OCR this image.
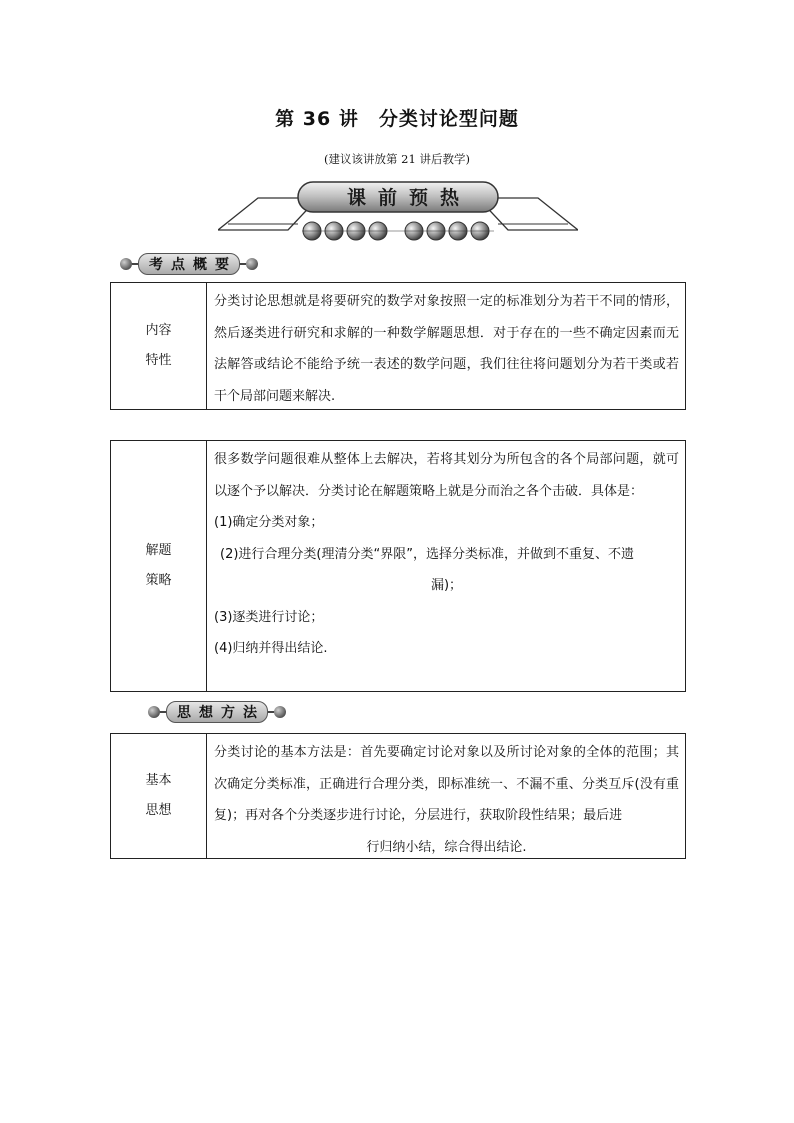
第 36 讲　分类讨论型问题
(建议该讲放第 21 讲后教学)
课前预热
考点概要
内容
特性

分类讨论思想就是将要研究的数学对象按照一定的标准划分为若干不同的情形，然后逐类进行研究和求解的一种数学解题思想．对于存在的一些不确定因素而无法解答或结论不能给予统一表述的数学问题，我们往往将问题划分为若干类或若干个局部问题来解决.

解题
策略

很多数学问题很难从整体上去解决，若将其划分为所包含的各个局部问题，就可以逐个予以解决．分类讨论在解题策略上就是分而治之各个击破．具体是：

(1)确定分类对象；

(2)进行合理分类(理清分类“界限”，选择分类标准，并做到不重复、不遗

漏)；

(3)逐类进行讨论；

(4)归纳并得出结论.

思想方法
基本
思想

分类讨论的基本方法是：首先要确定讨论对象以及所讨论对象的全体的范围；其次确定分类标准，正确进行合理分类，即标准统一、不漏不重、分类互斥(没有重复)；再对各个分类逐步进行讨论，分层进行，获取阶段性结果；最后进

行归纳小结，综合得出结论.
